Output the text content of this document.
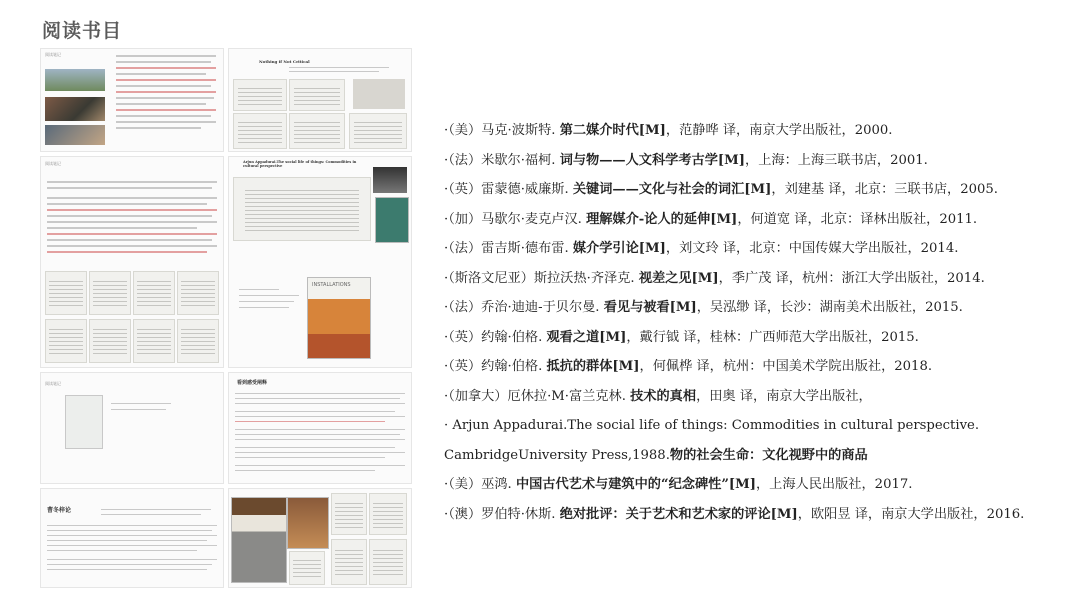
阅读书目
阅读笔记
Nothing if Not Critical
阅读笔记	Arjun Appadurai.The social life of things: Commodities in cultural perspective
INSTALLATIONS
阅读笔记	看到感受阐释
曹冬梓论
·（美）马克·波斯特. 第二媒介时代[M]，范静哗 译，南京大学出版社，2000.
·（法）米歇尔·福柯. 词与物——人文科学考古学[M]，上海：上海三联书店，2001.
·（英）雷蒙德·威廉斯. 关键词——文化与社会的词汇[M]，刘建基 译，北京：三联书店，2005.
·（加）马歇尔·麦克卢汉. 理解媒介-论人的延伸[M]，何道宽 译，北京：译林出版社，2011.
·（法）雷吉斯·德布雷. 媒介学引论[M]，刘文玲 译，北京：中国传媒大学出版社，2014.
·（斯洛文尼亚）斯拉沃热·齐泽克. 视差之见[M]，季广茂 译，杭州：浙江大学出版社，2014.
·（法）乔治·迪迪-于贝尔曼. 看见与被看[M]，吴泓缈 译，长沙：湖南美术出版社，2015.
·（英）约翰·伯格. 观看之道[M]，戴行钺 译，桂林：广西师范大学出版社，2015.
·（英）约翰·伯格. 抵抗的群体[M]，何佩桦 译，杭州：中国美术学院出版社，2018.
·（加拿大）厄休拉·M·富兰克林. 技术的真相，田奥 译，南京大学出版社，
· Arjun Appadurai.The social life of things: Commodities in cultural perspective. CambridgeUniversity Press,1988.物的社会生命：文化视野中的商品
·（美）巫鸿. 中国古代艺术与建筑中的“纪念碑性”[M]，上海人民出版社，2017.
·（澳）罗伯特·休斯. 绝对批评：关于艺术和艺术家的评论[M]，欧阳昱 译，南京大学出版社，2016.
